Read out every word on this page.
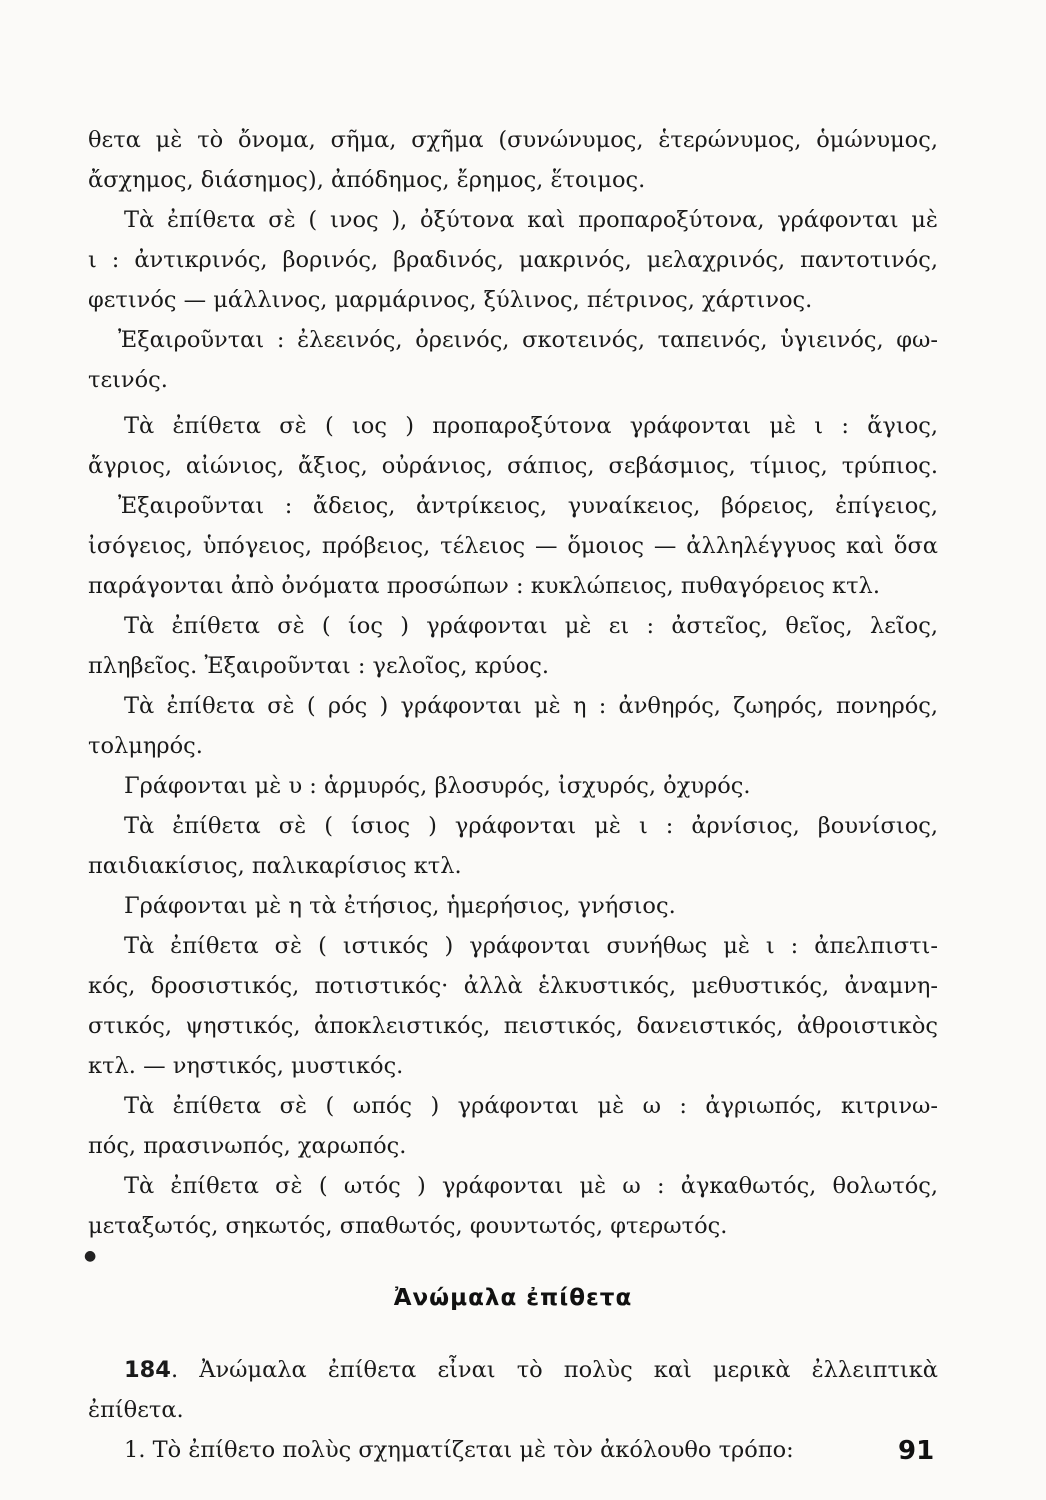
θετα μὲ τὸ ὄνομα, σῆμα, σχῆμα (συνώνυμος, ἑτερώνυμος, ὁμώνυμος,
ἄσχημος, διάσημος), ἀπόδημος, ἔρημος, ἕτοιμος.
Τὰ ἐπίθετα σὲ ( ινος ), ὀξύτονα καὶ προπαροξύτονα, γράφονται μὲ
ι : ἀντικρινός, βορινός, βραδινός, μακρινός, μελαχρινός, παντοτινός,
φετινός — μάλλινος, μαρμάρινος, ξύλινος, πέτρινος, χάρτινος.
Ἐξαιροῦνται : ἐλεεινός, ὀρεινός, σκοτεινός, ταπεινός, ὑγιεινός, φω-
τεινός.
Τὰ ἐπίθετα σὲ ( ιος ) προπαροξύτονα γράφονται μὲ ι : ἅγιος,
ἄγριος, αἰώνιος, ἄξιος, οὐράνιος, σάπιος, σεβάσμιος, τίμιος, τρύπιος.
Ἐξαιροῦνται : ἄδειος, ἀντρίκειος, γυναίκειος, βόρειος, ἐπίγειος,
ἰσόγειος, ὑπόγειος, πρόβειος, τέλειος — ὅμοιος — ἀλληλέγγυος καὶ ὅσα
παράγονται ἀπὸ ὀνόματα προσώπων : κυκλώπειος, πυθαγόρειος κτλ.
Τὰ ἐπίθετα σὲ ( ίος ) γράφονται μὲ ει : ἀστεῖος, θεῖος, λεῖος,
πληβεῖος. Ἐξαιροῦνται : γελοῖος, κρύος.
Τὰ ἐπίθετα σὲ ( ρός ) γράφονται μὲ η : ἀνθηρός, ζωηρός, πονηρός,
τολμηρός.
Γράφονται μὲ υ : ἁρμυρός, βλοσυρός, ἰσχυρός, ὀχυρός.
Τὰ ἐπίθετα σὲ ( ίσιος ) γράφονται μὲ ι : ἀρνίσιος, βουνίσιος,
παιδιακίσιος, παλικαρίσιος κτλ.
Γράφονται μὲ η τὰ ἐτήσιος, ἡμερήσιος, γνήσιος.
Τὰ ἐπίθετα σὲ ( ιστικός ) γράφονται συνήθως μὲ ι : ἀπελπιστι-
κός, δροσιστικός, ποτιστικός· ἀλλὰ ἑλκυστικός, μεθυστικός, ἀναμνη-
στικός, ψηστικός, ἀποκλειστικός, πειστικός, δανειστικός, ἀθροιστικὸς
κτλ. — νηστικός, μυστικός.
Τὰ ἐπίθετα σὲ ( ωπός ) γράφονται μὲ ω : ἀγριωπός, κιτρινω-
πός, πρασινωπός, χαρωπός.
Τὰ ἐπίθετα σὲ ( ωτός ) γράφονται μὲ ω : ἀγκαθωτός, θολωτός,
μεταξωτός, σηκωτός, σπαθωτός, φουντωτός, φτερωτός.
●
Ἀνώμαλα ἐπίθετα
184. Ἀνώμαλα ἐπίθετα εἶναι τὸ πολὺς καὶ μερικὰ ἐλλειπτικὰ
ἐπίθετα.
1. Τὸ ἐπίθετο πολὺς σχηματίζεται μὲ τὸν ἀκόλουθο τρόπο:	91
